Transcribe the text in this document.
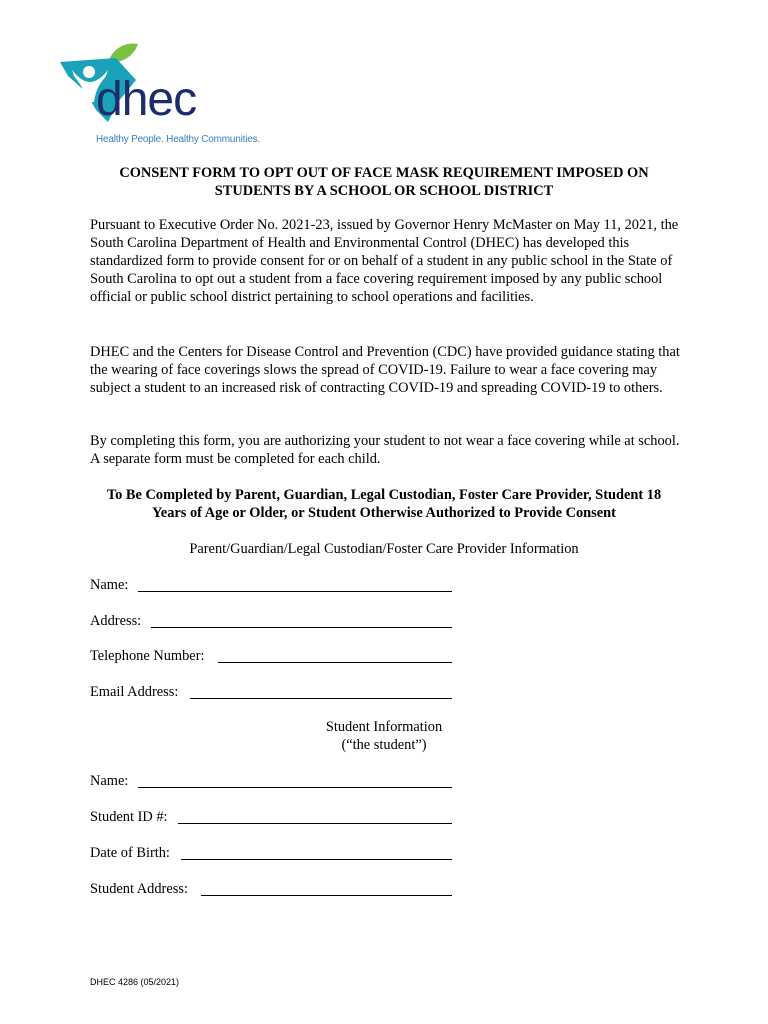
dhec
Healthy People. Healthy Communities.
CONSENT FORM TO OPT OUT OF FACE MASK REQUIREMENT IMPOSED ON STUDENTS BY A SCHOOL OR SCHOOL DISTRICT
Pursuant to Executive Order No. 2021-23, issued by Governor Henry McMaster on May 11, 2021, the South Carolina Department of Health and Environmental Control (DHEC) has developed this standardized form to provide consent for or on behalf of a student in any public school in the State of South Carolina to opt out a student from a face covering requirement imposed by any public school official or public school district pertaining to school operations and facilities.
DHEC and the Centers for Disease Control and Prevention (CDC) have provided guidance stating that the wearing of face coverings slows the spread of COVID-19. Failure to wear a face covering may subject a student to an increased risk of contracting COVID-19 and spreading COVID-19 to others.
By completing this form, you are authorizing your student to not wear a face covering while at school. A separate form must be completed for each child.
To Be Completed by Parent, Guardian, Legal Custodian, Foster Care Provider, Student 18 Years of Age or Older, or Student Otherwise Authorized to Provide Consent
Parent/Guardian/Legal Custodian/Foster Care Provider Information
Name:
Address:
Telephone Number:
Email Address:
Student Information
(“the student”)
Name:
Student ID #:
Date of Birth:
Student Address:
DHEC 4286 (05/2021)
